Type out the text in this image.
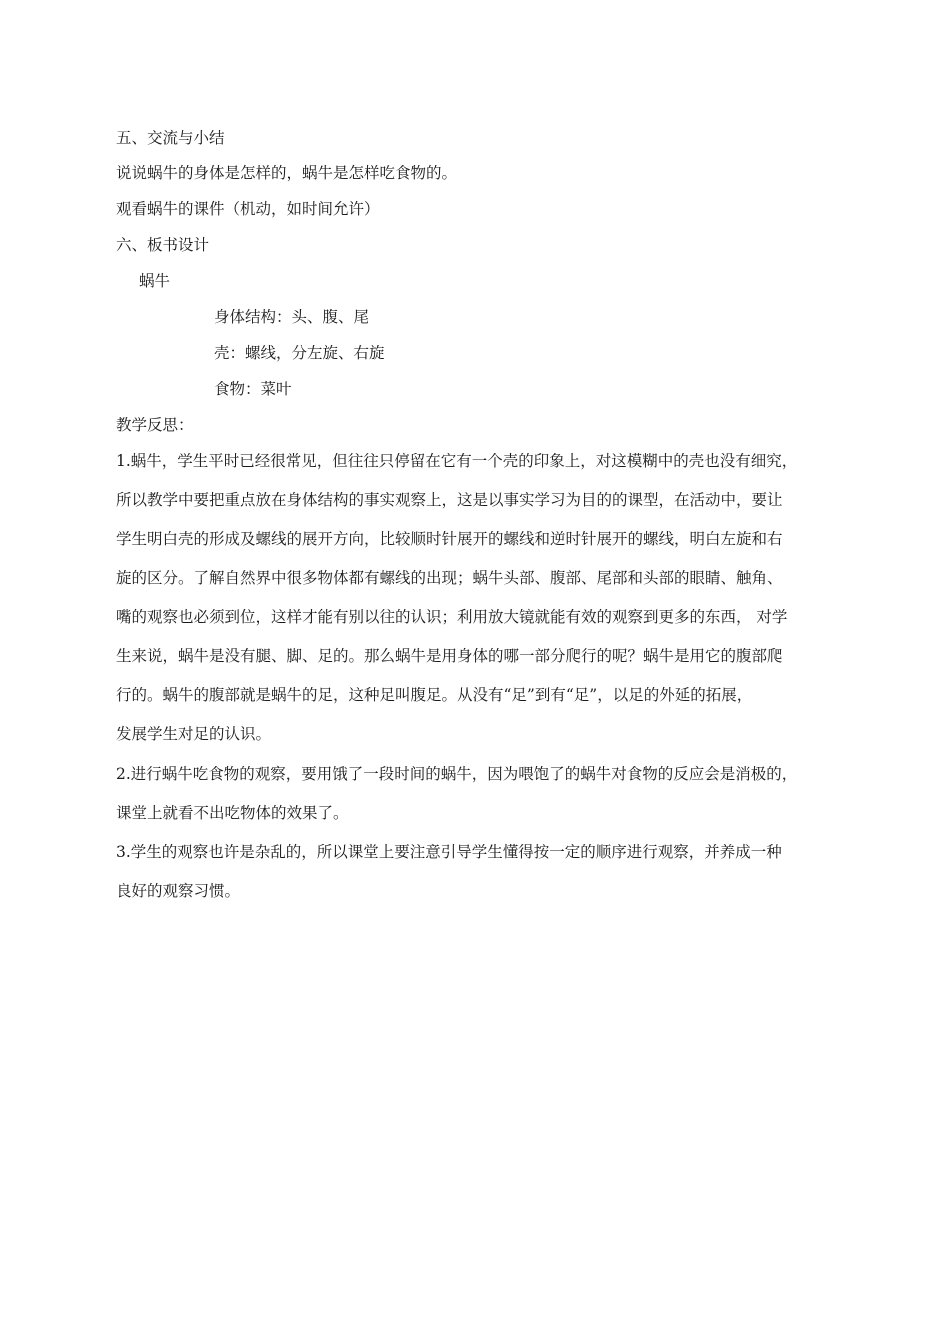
五、交流与小结
说说蜗牛的身体是怎样的，蜗牛是怎样吃食物的。
观看蜗牛的课件（机动，如时间允许）
六、板书设计
蜗牛
身体结构：头、腹、尾
壳：螺线，分左旋、右旋
食物：菜叶
教学反思：
1.蜗牛，学生平时已经很常见，但往往只停留在它有一个壳的印象上，对这模糊中的壳也没有细究，
所以教学中要把重点放在身体结构的事实观察上，这是以事实学习为目的的课型，在活动中，要让
学生明白壳的形成及螺线的展开方向，比较顺时针展开的螺线和逆时针展开的螺线，明白左旋和右
旋的区分。了解自然界中很多物体都有螺线的出现；蜗牛头部、腹部、尾部和头部的眼睛、触角、
嘴的观察也必须到位，这样才能有别以往的认识；利用放大镜就能有效的观察到更多的东西， 对学
生来说，蜗牛是没有腿、脚、足的。那么蜗牛是用身体的哪一部分爬行的呢？蜗牛是用它的腹部爬
行的。蜗牛的腹部就是蜗牛的足，这种足叫腹足。从没有“足”到有“足”，以足的外延的拓展，
发展学生对足的认识。
2.进行蜗牛吃食物的观察，要用饿了一段时间的蜗牛，因为喂饱了的蜗牛对食物的反应会是消极的，
课堂上就看不出吃物体的效果了。
3.学生的观察也许是杂乱的，所以课堂上要注意引导学生懂得按一定的顺序进行观察，并养成一种
良好的观察习惯。
